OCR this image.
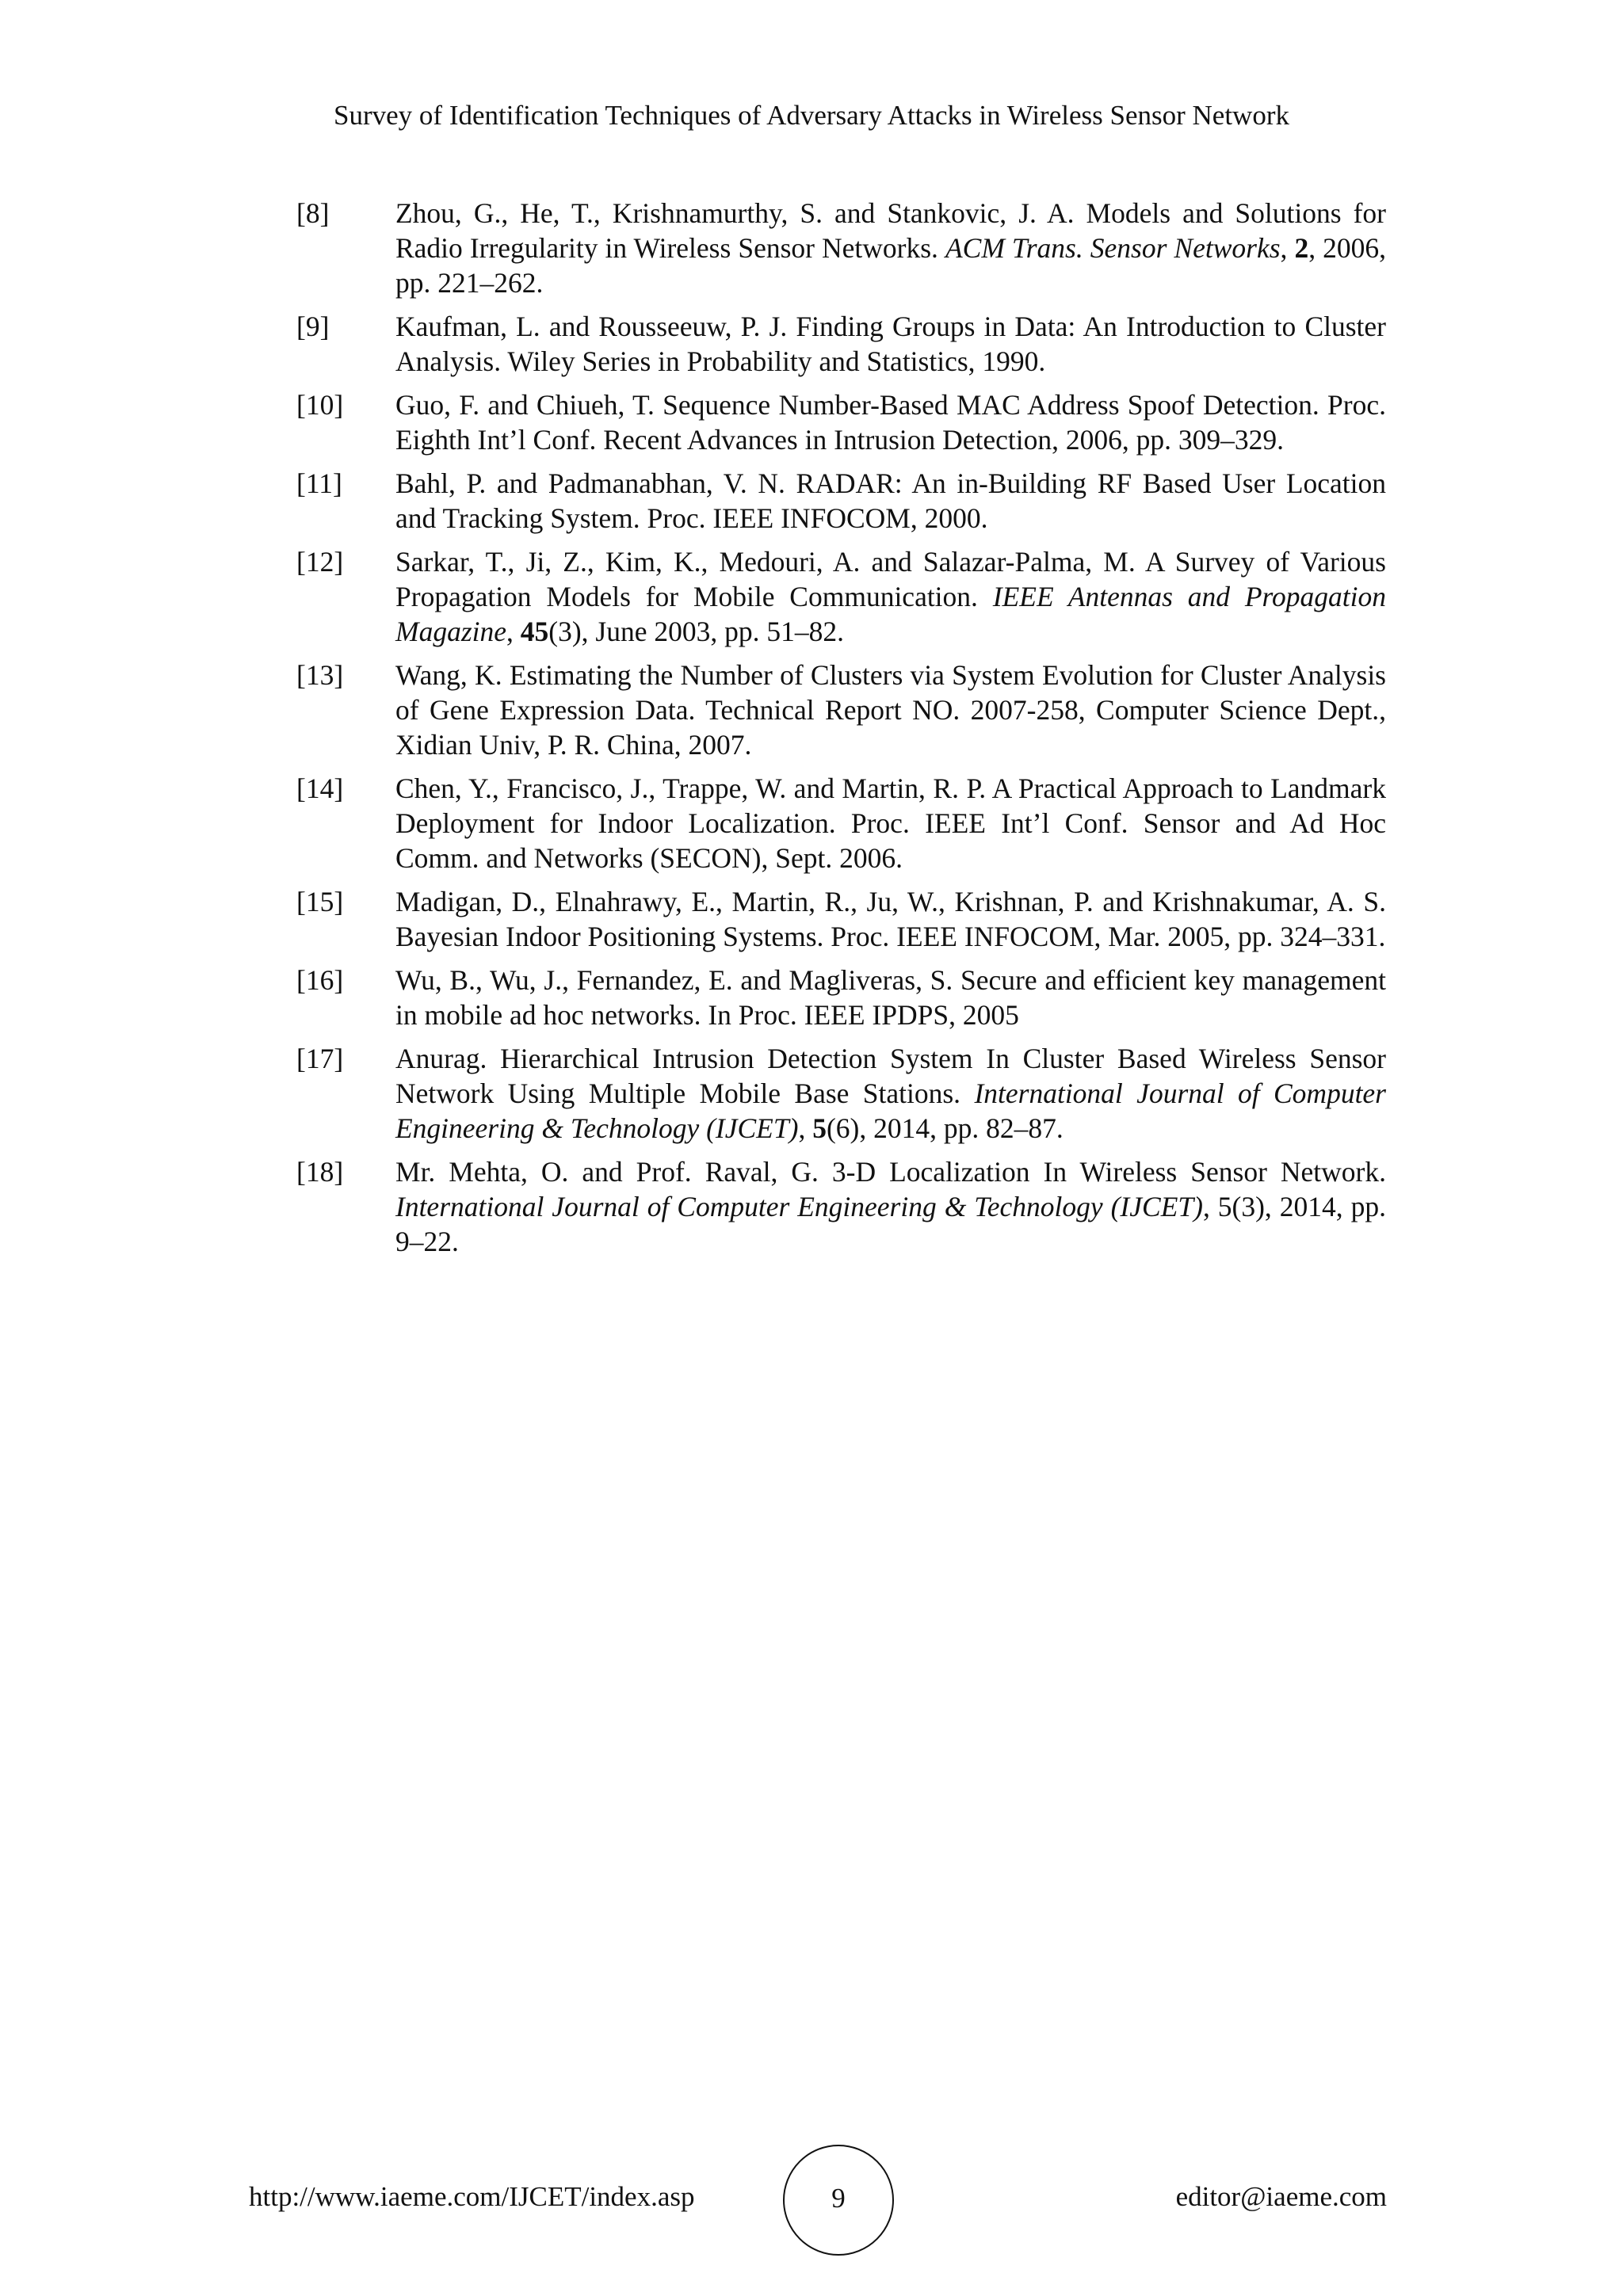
Survey of Identification Techniques of Adversary Attacks in Wireless Sensor Network
[8]	Zhou, G., He, T., Krishnamurthy, S. and Stankovic, J. A. Models and Solutions for Radio Irregularity in Wireless Sensor Networks. ACM Trans. Sensor Networks, 2, 2006, pp. 221–262.
[9]	Kaufman, L. and Rousseeuw, P. J. Finding Groups in Data: An Introduction to Cluster Analysis. Wiley Series in Probability and Statistics, 1990.
[10]	Guo, F. and Chiueh, T. Sequence Number-Based MAC Address Spoof Detection. Proc. Eighth Int’l Conf. Recent Advances in Intrusion Detection, 2006, pp. 309–329.
[11]	Bahl, P. and Padmanabhan, V. N. RADAR: An in-Building RF Based User Location and Tracking System. Proc. IEEE INFOCOM, 2000.
[12]	Sarkar, T., Ji, Z., Kim, K., Medouri, A. and Salazar-Palma, M. A Survey of Various Propagation Models for Mobile Communication. IEEE Antennas and Propagation Magazine, 45(3), June 2003, pp. 51–82.
[13]	Wang, K. Estimating the Number of Clusters via System Evolution for Cluster Analysis of Gene Expression Data. Technical Report NO. 2007-258, Computer Science Dept., Xidian Univ, P. R. China, 2007.
[14]	Chen, Y., Francisco, J., Trappe, W. and Martin, R. P. A Practical Approach to Landmark Deployment for Indoor Localization. Proc. IEEE Int’l Conf. Sensor and Ad Hoc Comm. and Networks (SECON), Sept. 2006.
[15]	Madigan, D., Elnahrawy, E., Martin, R., Ju, W., Krishnan, P. and Krishnakumar, A. S. Bayesian Indoor Positioning Systems. Proc. IEEE INFOCOM, Mar. 2005, pp. 324–331.
[16]	Wu, B., Wu, J., Fernandez, E. and Magliveras, S. Secure and efficient key management in mobile ad hoc networks. In Proc. IEEE IPDPS, 2005
[17]	Anurag. Hierarchical Intrusion Detection System In Cluster Based Wireless Sensor Network Using Multiple Mobile Base Stations. International Journal of Computer Engineering & Technology (IJCET), 5(6), 2014, pp. 82–87.
[18]	Mr. Mehta, O. and Prof. Raval, G. 3-D Localization In Wireless Sensor Network. International Journal of Computer Engineering & Technology (IJCET), 5(3), 2014, pp. 9–22.
http://www.iaeme.com/IJCET/index.asp	9	editor@iaeme.com
